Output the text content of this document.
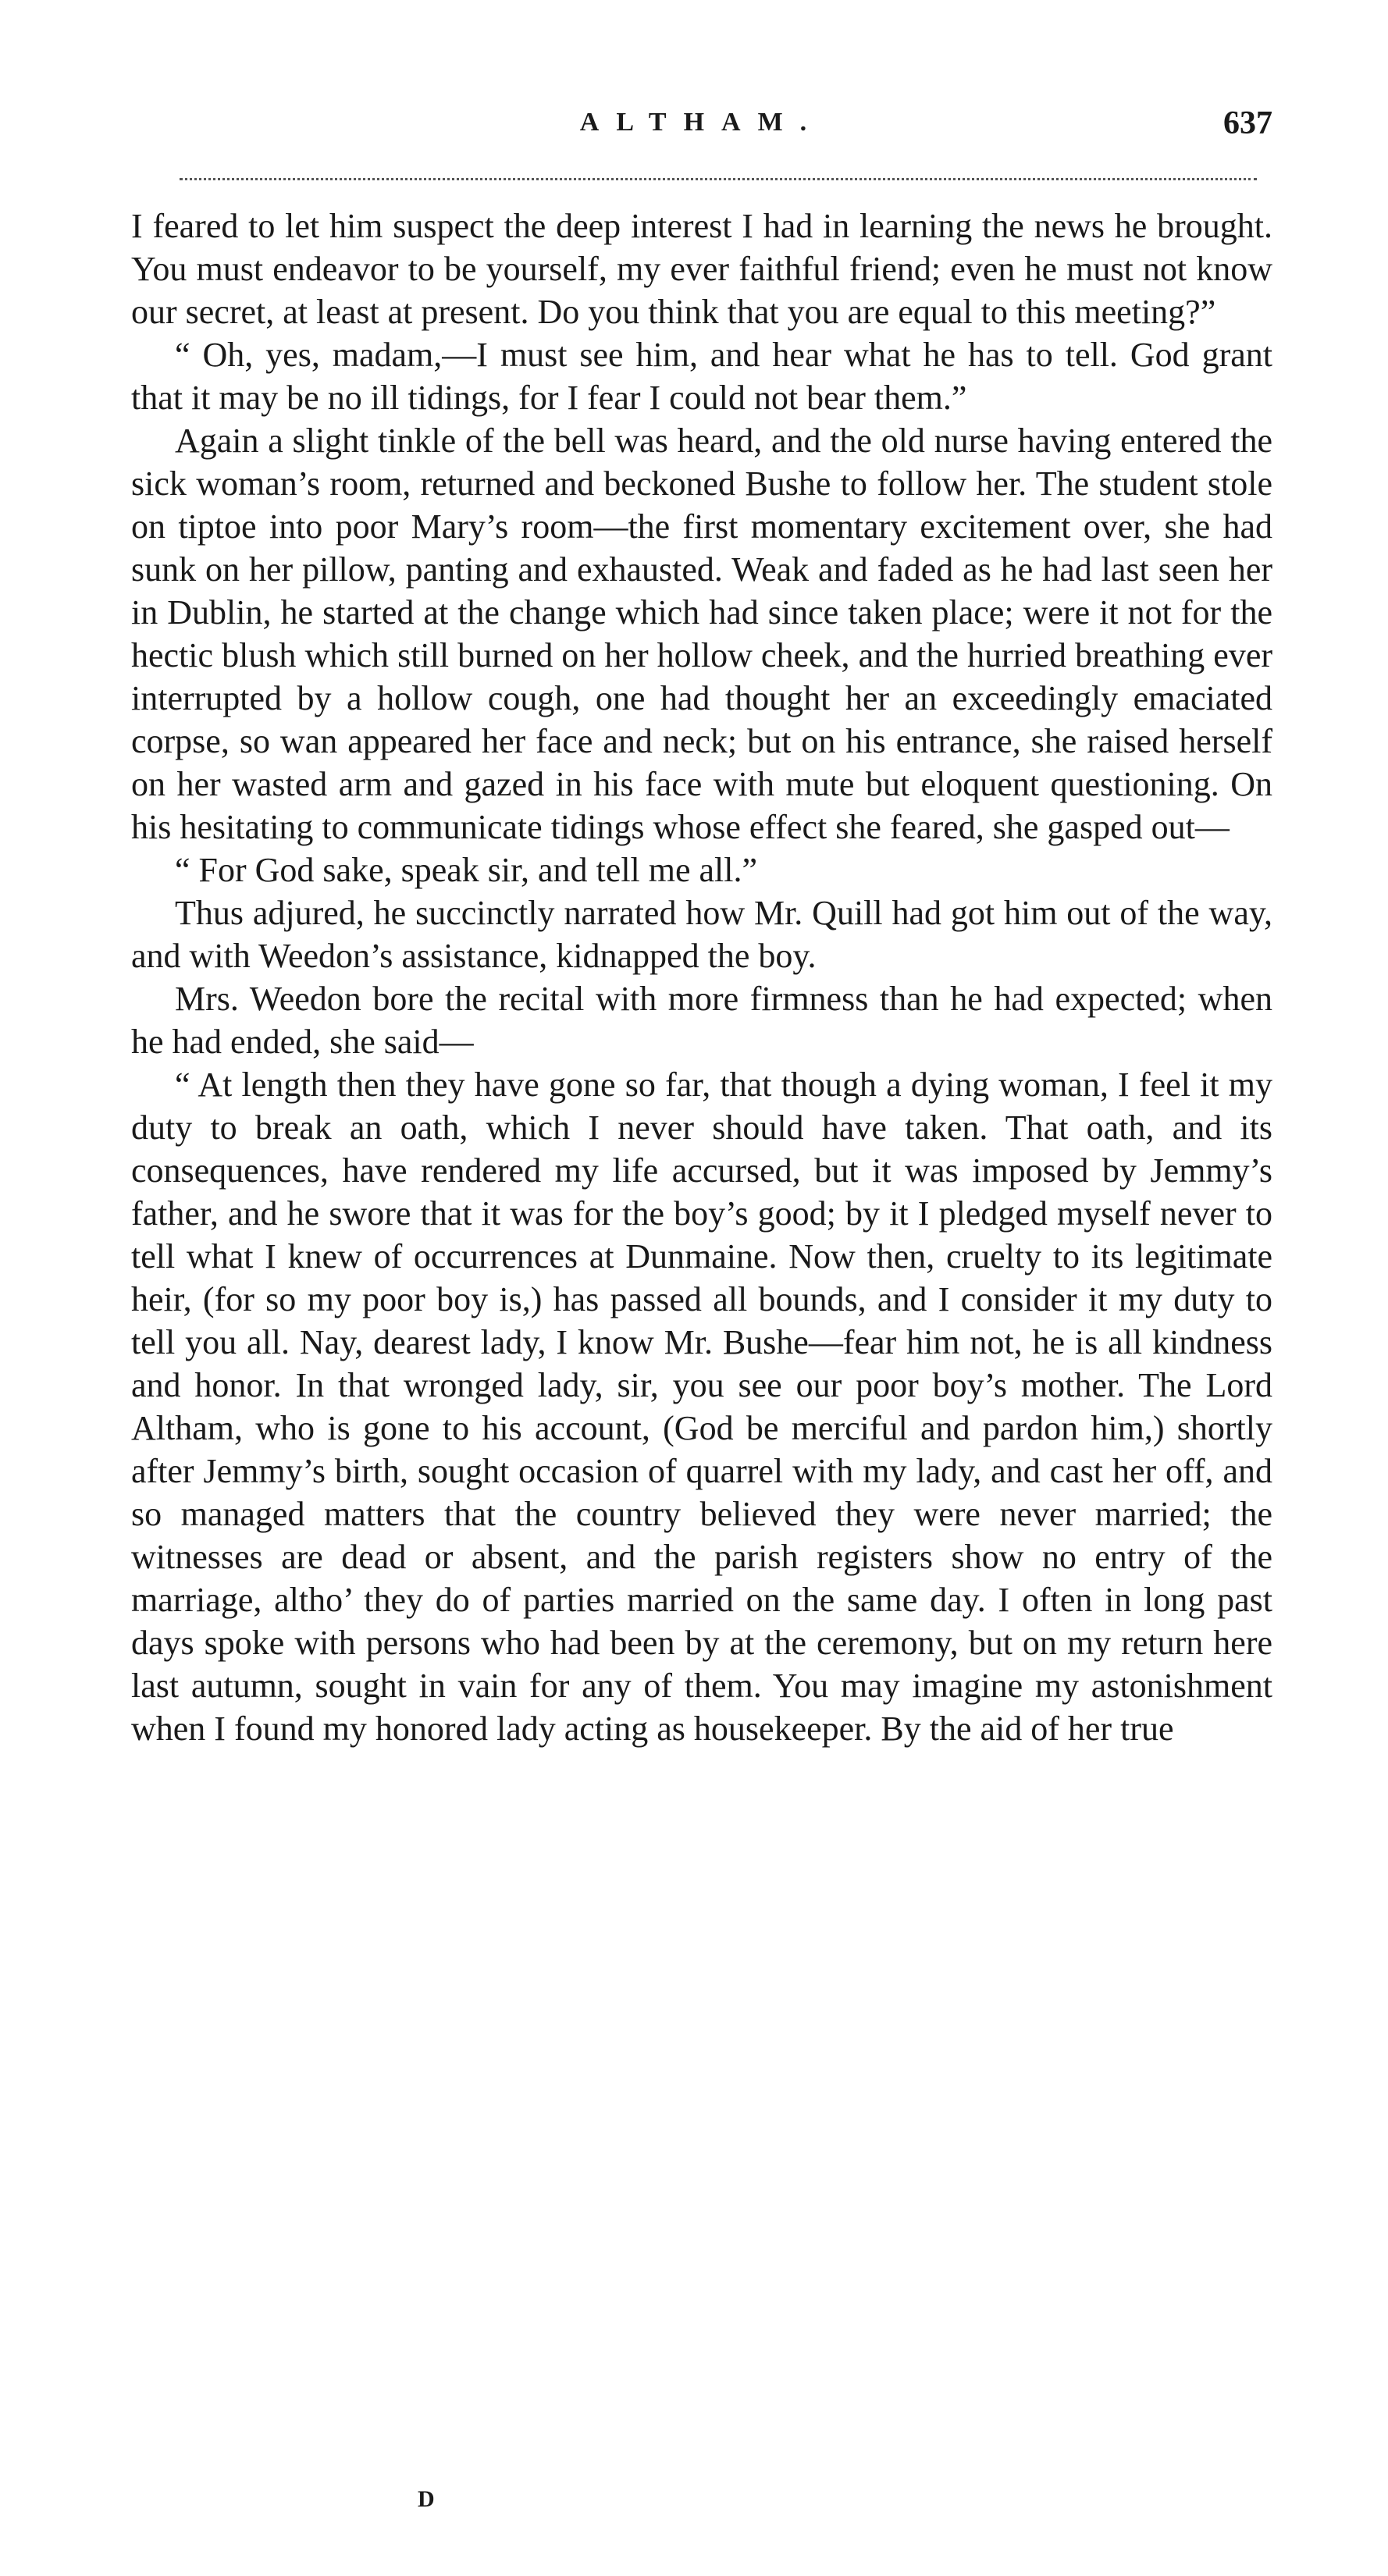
ALTHAM.	637

I feared to let him suspect the deep interest I had in learning the news he brought. You must endeavor to be yourself, my ever faithful friend; even he must not know our secret, at least at present. Do you think that you are equal to this meeting?”

“ Oh, yes, madam,—I must see him, and hear what he has to tell. God grant that it may be no ill tidings, for I fear I could not bear them.”

Again a slight tinkle of the bell was heard, and the old nurse having entered the sick woman’s room, returned and beckoned Bushe to follow her. The student stole on tiptoe into poor Mary’s room—the first momentary excitement over, she had sunk on her pillow, panting and exhausted. Weak and faded as he had last seen her in Dublin, he started at the change which had since taken place; were it not for the hectic blush which still burned on her hollow cheek, and the hurried breathing ever interrupted by a hollow cough, one had thought her an exceedingly emaciated corpse, so wan appeared her face and neck; but on his entrance, she raised herself on her wasted arm and gazed in his face with mute but eloquent questioning. On his hesitating to communicate tidings whose effect she feared, she gasped out—

“ For God sake, speak sir, and tell me all.”

Thus adjured, he succinctly narrated how Mr. Quill had got him out of the way, and with Weedon’s assistance, kidnapped the boy.

Mrs. Weedon bore the recital with more firmness than he had expected; when he had ended, she said—

“ At length then they have gone so far, that though a dying woman, I feel it my duty to break an oath, which I never should have taken. That oath, and its consequences, have rendered my life accursed, but it was imposed by Jemmy’s father, and he swore that it was for the boy’s good; by it I pledged myself never to tell what I knew of occurrences at Dunmaine. Now then, cruelty to its legitimate heir, (for so my poor boy is,) has passed all bounds, and I consider it my duty to tell you all. Nay, dearest lady, I know Mr. Bushe—fear him not, he is all kindness and honor. In that wronged lady, sir, you see our poor boy’s mother. The Lord Altham, who is gone to his account, (God be merciful and pardon him,) shortly after Jemmy’s birth, sought occasion of quarrel with my lady, and cast her off, and so managed matters that the country believed they were never married; the witnesses are dead or absent, and the parish registers show no entry of the marriage, altho’ they do of parties married on the same day. I often in long past days spoke with persons who had been by at the ceremony, but on my return here last autumn, sought in vain for any of them. You may imagine my astonishment when I found my honored lady acting as housekeeper. By the aid of her true

D
